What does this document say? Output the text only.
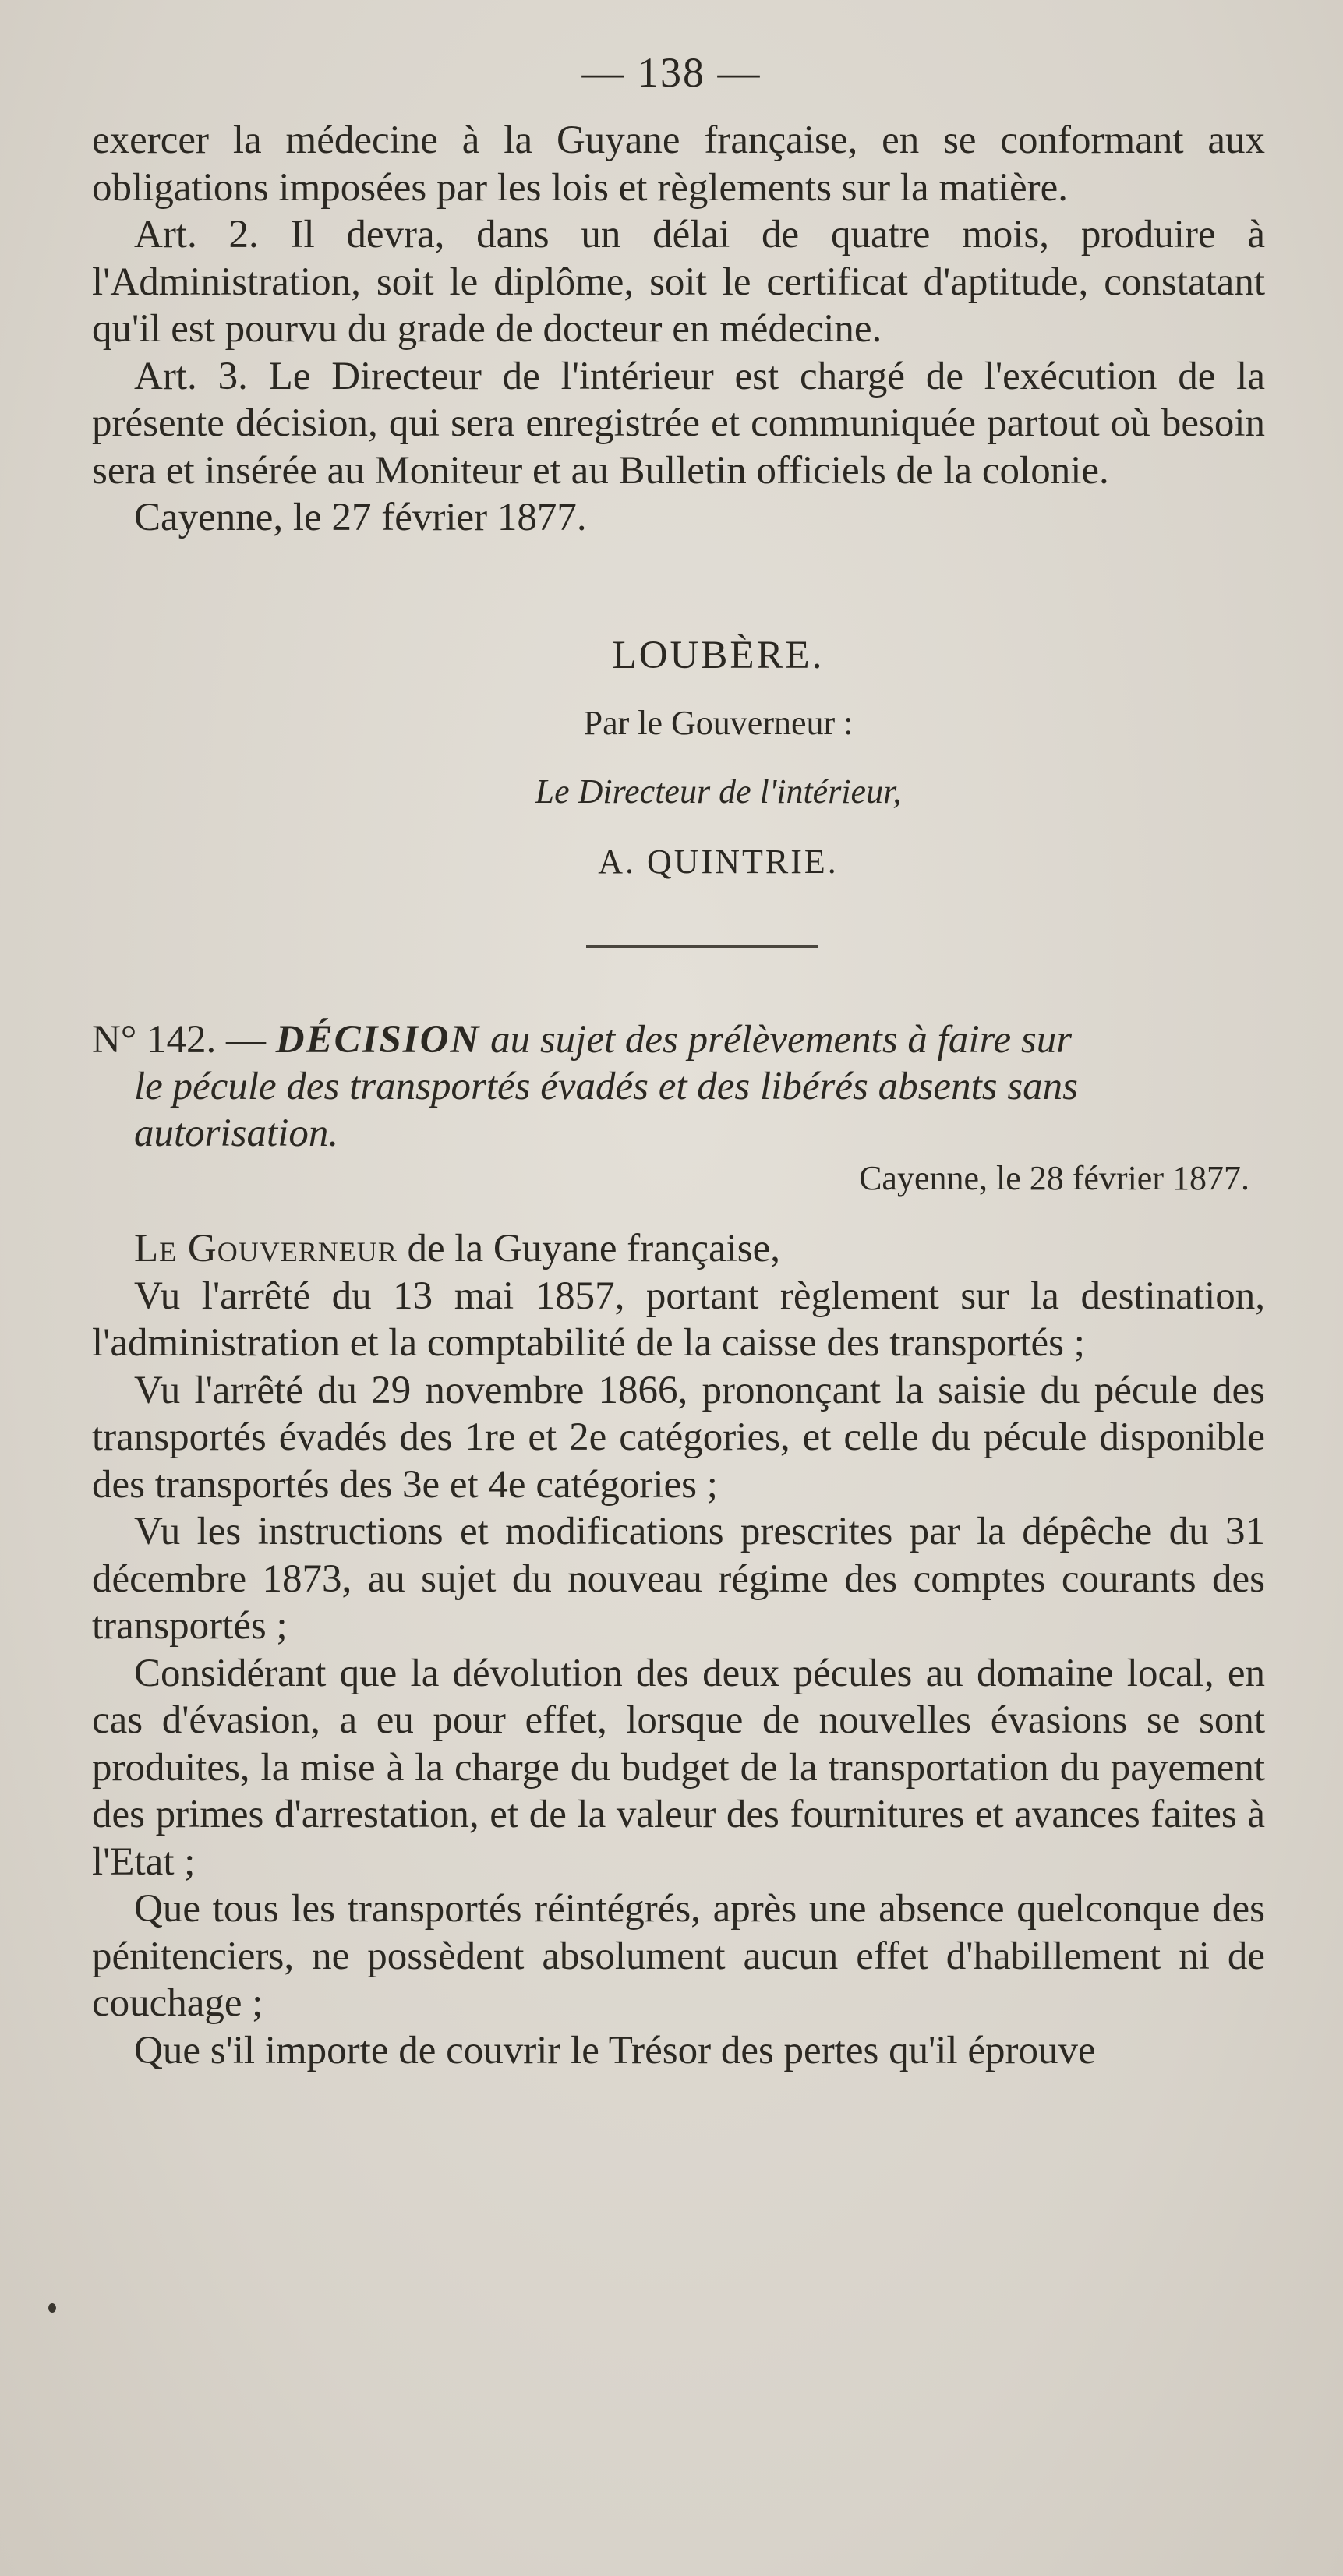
— 138 —

exercer la médecine à la Guyane française, en se conformant aux obligations imposées par les lois et règlements sur la matière.

Art. 2. Il devra, dans un délai de quatre mois, produire à l'Administration, soit le diplôme, soit le certificat d'aptitude, constatant qu'il est pourvu du grade de docteur en médecine.

Art. 3. Le Directeur de l'intérieur est chargé de l'exécution de la présente décision, qui sera enregistrée et communiquée partout où besoin sera et insérée au Moniteur et au Bulletin officiels de la colonie.

Cayenne, le 27 février 1877.

LOUBÈRE.
Par le Gouverneur :
Le Directeur de l'intérieur,
A. QUINTRIE.
N° 142. — DÉCISION au sujet des prélèvements à faire sur
le pécule des transportés évadés et des libérés absents sans
autorisation.
Cayenne, le 28 février 1877.

Le Gouverneur de la Guyane française,

Vu l'arrêté du 13 mai 1857, portant règlement sur la destination, l'administration et la comptabilité de la caisse des transportés ;

Vu l'arrêté du 29 novembre 1866, prononçant la saisie du pécule des transportés évadés des 1re et 2e catégories, et celle du pécule disponible des transportés des 3e et 4e catégories ;

Vu les instructions et modifications prescrites par la dépêche du 31 décembre 1873, au sujet du nouveau régime des comptes courants des transportés ;

Considérant que la dévolution des deux pécules au domaine local, en cas d'évasion, a eu pour effet, lorsque de nouvelles évasions se sont produites, la mise à la charge du budget de la transportation du payement des primes d'arrestation, et de la valeur des fournitures et avances faites à l'Etat ;

Que tous les transportés réintégrés, après une absence quelconque des pénitenciers, ne possèdent absolument aucun effet d'habillement ni de couchage ;

Que s'il importe de couvrir le Trésor des pertes qu'il éprouve
